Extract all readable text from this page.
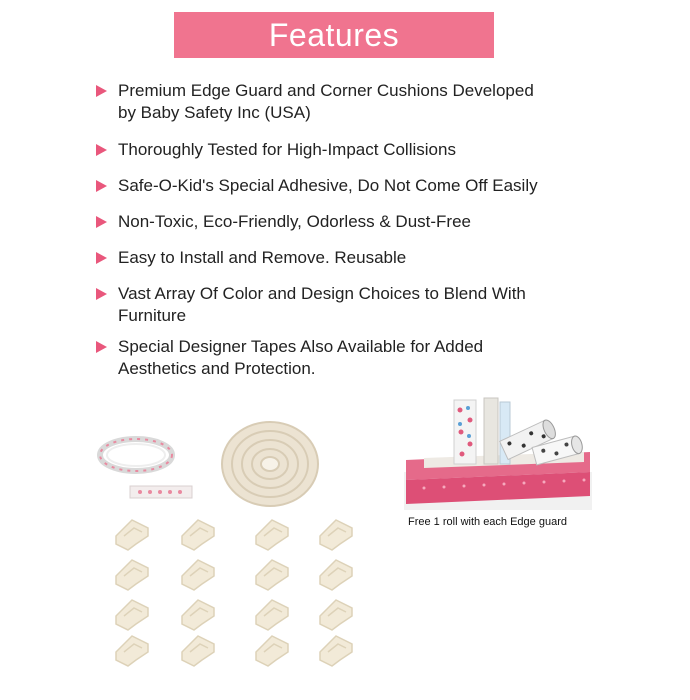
Features
Premium Edge Guard and Corner Cushions Developed
by Baby Safety Inc (USA)
Thoroughly Tested for High-Impact Collisions
Safe-O-Kid's Special Adhesive, Do Not Come Off Easily
Non-Toxic, Eco-Friendly, Odorless & Dust-Free
Easy to Install and Remove. Reusable
Vast Array Of Color and Design Choices to Blend With
Furniture
Special Designer Tapes Also Available for Added
Aesthetics and Protection.
Free 1 roll with each Edge guard
